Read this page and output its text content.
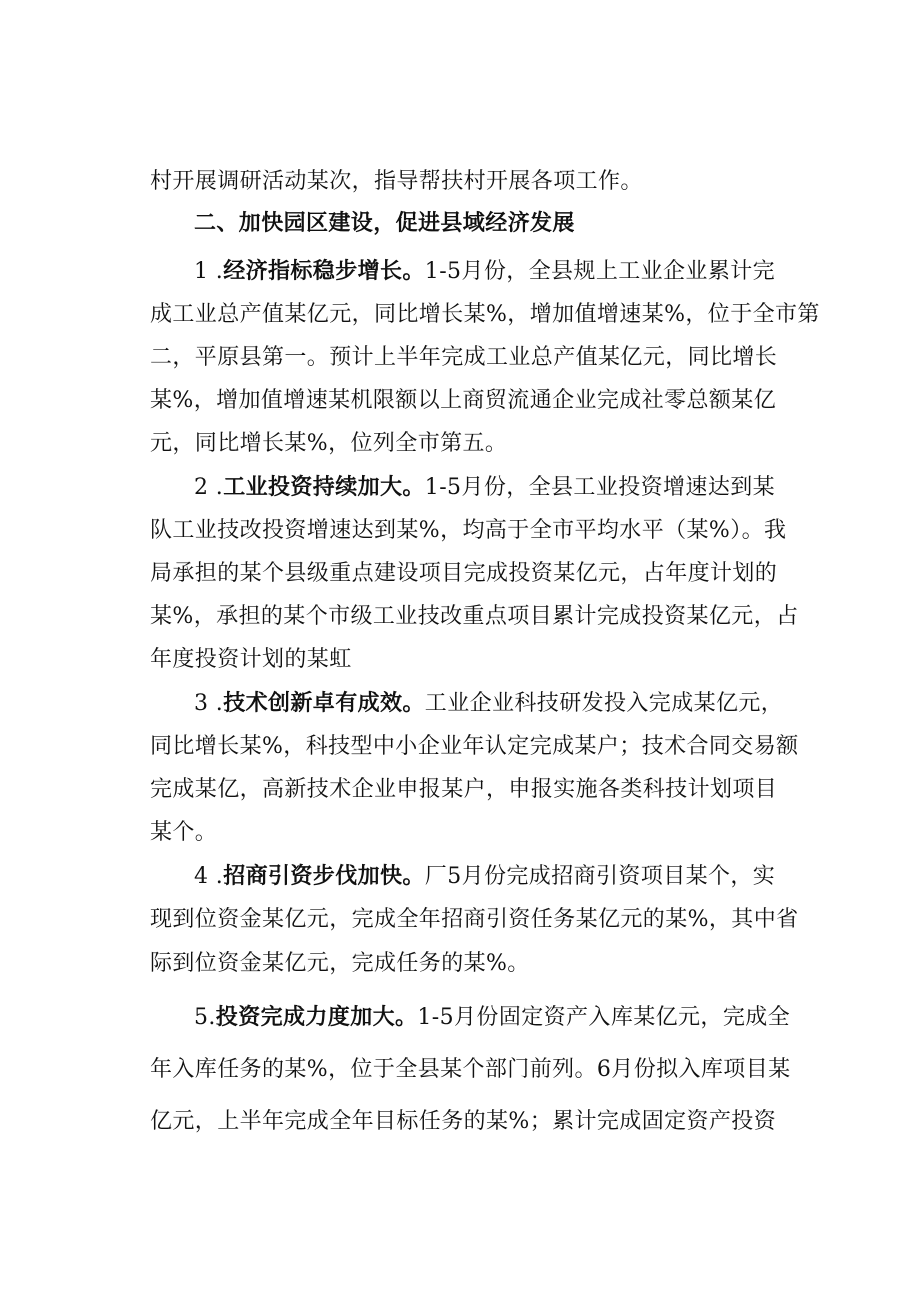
村开展调研活动某次，指导帮扶村开展各项工作。
二、加快园区建设，促进县域经济发展
1 .经济指标稳步增长。1-5月份，全县规上工业企业累计完
成工业总产值某亿元，同比增长某%，增加值增速某%，位于全市第
二，平原县第一。预计上半年完成工业总产值某亿元，同比增长
某%，增加值增速某机限额以上商贸流通企业完成社零总额某亿
元，同比增长某%，位列全市第五。
2 .工业投资持续加大。1-5月份，全县工业投资增速达到某
队工业技改投资增速达到某%，均高于全市平均水平（某%）。我
局承担的某个县级重点建设项目完成投资某亿元，占年度计划的
某%，承担的某个市级工业技改重点项目累计完成投资某亿元，占
年度投资计划的某虹
3 .技术创新卓有成效。工业企业科技研发投入完成某亿元，
同比增长某%，科技型中小企业年认定完成某户；技术合同交易额
完成某亿，高新技术企业申报某户，申报实施各类科技计划项目
某个。
4 .招商引资步伐加快。厂5月份完成招商引资项目某个，实
现到位资金某亿元，完成全年招商引资任务某亿元的某%，其中省
际到位资金某亿元，完成任务的某%。
5.投资完成力度加大。1-5月份固定资产入库某亿元，完成全
年入库任务的某%，位于全县某个部门前列。6月份拟入库项目某
亿元，上半年完成全年目标任务的某%；累计完成固定资产投资
